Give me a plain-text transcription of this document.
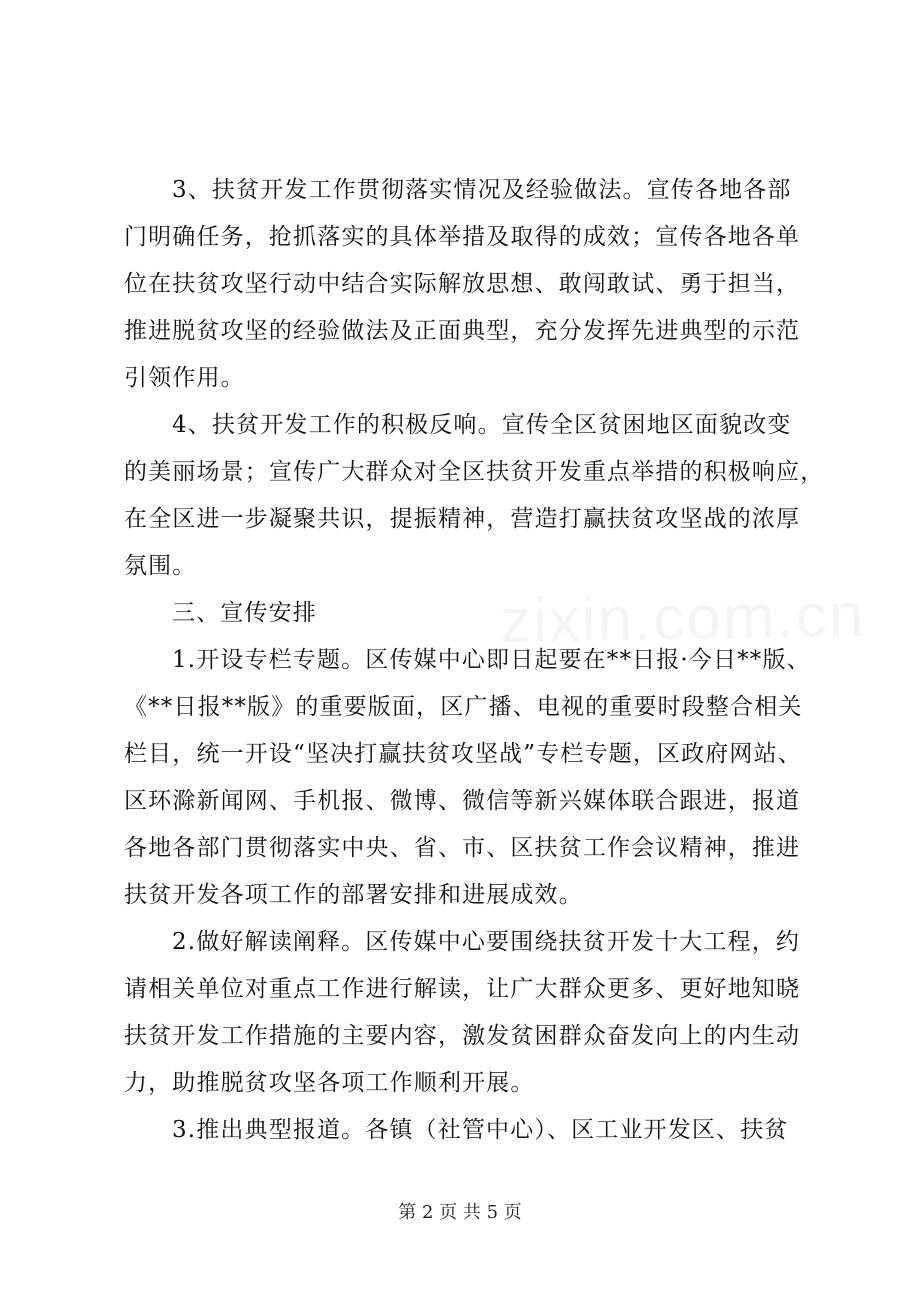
3、扶贫开发工作贯彻落实情况及经验做法。宣传各地各部
门明确任务，抢抓落实的具体举措及取得的成效；宣传各地各单
位在扶贫攻坚行动中结合实际解放思想、敢闯敢试、勇于担当，
推进脱贫攻坚的经验做法及正面典型，充分发挥先进典型的示范
引领作用。
4、扶贫开发工作的积极反响。宣传全区贫困地区面貌改变
的美丽场景；宣传广大群众对全区扶贫开发重点举措的积极响应，
在全区进一步凝聚共识，提振精神，营造打赢扶贫攻坚战的浓厚
氛围。
三、宣传安排
1.开设专栏专题。区传媒中心即日起要在**日报·今日**版、
《**日报**版》的重要版面，区广播、电视的重要时段整合相关
栏目，统一开设“坚决打赢扶贫攻坚战”专栏专题，区政府网站、
区环滁新闻网、手机报、微博、微信等新兴媒体联合跟进，报道
各地各部门贯彻落实中央、省、市、区扶贫工作会议精神，推进
扶贫开发各项工作的部署安排和进展成效。
2.做好解读阐释。区传媒中心要围绕扶贫开发十大工程，约
请相关单位对重点工作进行解读，让广大群众更多、更好地知晓
扶贫开发工作措施的主要内容，激发贫困群众奋发向上的内生动
力，助推脱贫攻坚各项工作顺利开展。
3.推出典型报道。各镇（社管中心）、区工业开发区、扶贫
第 2 页 共 5 页
